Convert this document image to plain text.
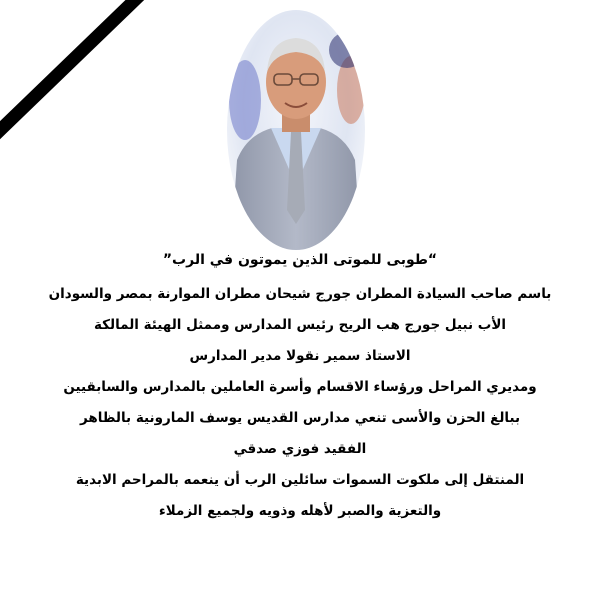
“طوبى للموتى الذين يموتون في الرب”
باسم صاحب السيادة المطران جورج شيحان مطران الموارنة بمصر والسودان
الأب نبيل جورج هب الريح رئيس المدارس وممثل الهيئة المالكة
الاستاذ سمير نقولا مدير المدارس
ومديري المراحل ورؤساء الاقسام وأسرة العاملين بالمدارس والسابقيين
ببالغ الحزن والأسى تنعي مدارس القديس يوسف المارونية بالظاهر
الفقيد فوزي صدقي
المنتقل إلى ملكوت السموات سائلين الرب أن ينعمه بالمراحم الابدية
والتعزية والصبر لأهله وذويه ولجميع الزملاء
